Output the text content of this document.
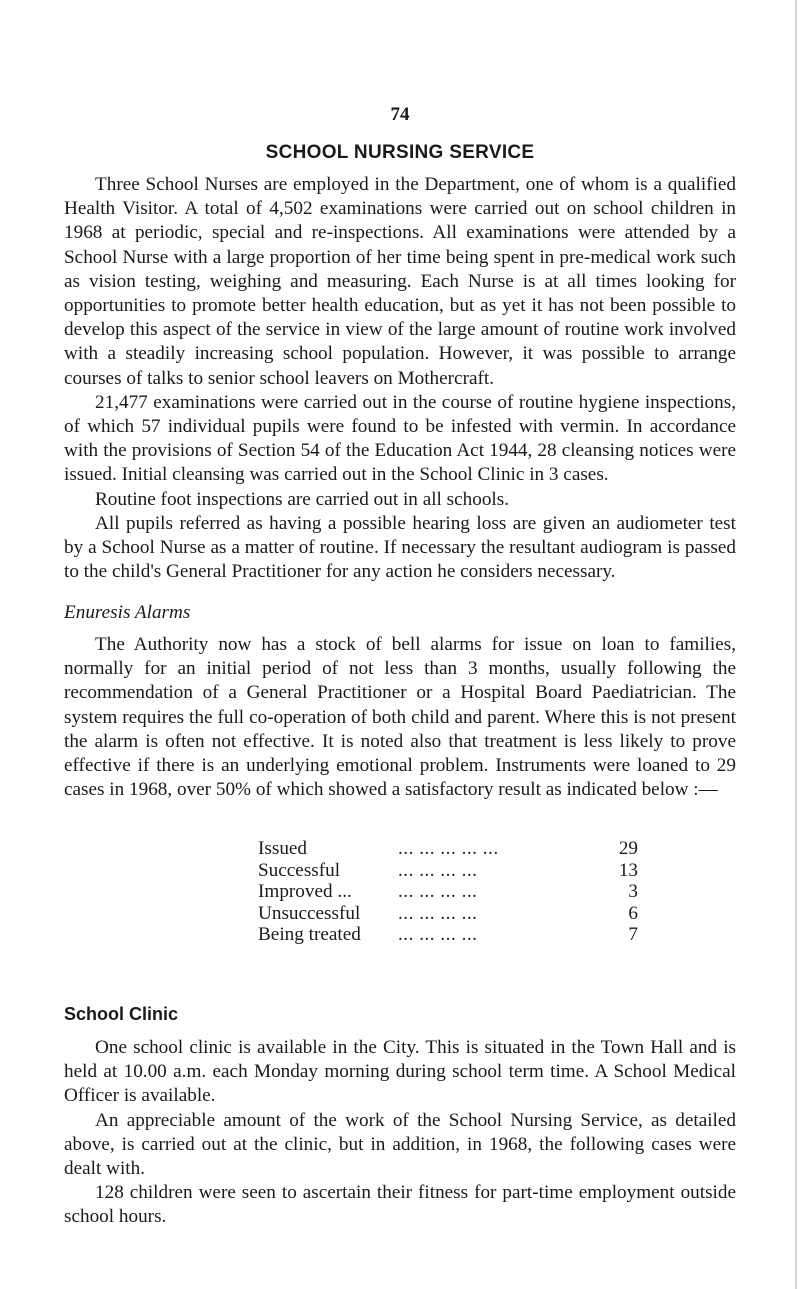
74
SCHOOL NURSING SERVICE

Three School Nurses are employed in the Department, one of whom is a qualified Health Visitor. A total of 4,502 examinations were carried out on school children in 1968 at periodic, special and re-inspections. All examinations were attended by a School Nurse with a large proportion of her time being spent in pre-medical work such as vision testing, weighing and measuring. Each Nurse is at all times looking for opportunities to promote better health education, but as yet it has not been possible to develop this aspect of the service in view of the large amount of routine work involved with a steadily increasing school population. However, it was possible to arrange courses of talks to senior school leavers on Mothercraft.

21,477 examinations were carried out in the course of routine hygiene inspections, of which 57 individual pupils were found to be infested with vermin. In accordance with the provisions of Section 54 of the Education Act 1944, 28 cleansing notices were issued. Initial cleansing was carried out in the School Clinic in 3 cases.

Routine foot inspections are carried out in all schools.

All pupils referred as having a possible hearing loss are given an audiometer test by a School Nurse as a matter of routine. If necessary the resultant audiogram is passed to the child's General Practitioner for any action he considers necessary.

Enuresis Alarms

The Authority now has a stock of bell alarms for issue on loan to families, normally for an initial period of not less than 3 months, usually following the recommendation of a General Practitioner or a Hospital Board Paediatrician. The system requires the full co-operation of both child and parent. Where this is not present the alarm is often not effective. It is noted also that treatment is less likely to prove effective if there is an underlying emotional problem. Instruments were loaned to 29 cases in 1968, over 50% of which showed a satisfactory result as indicated below :—

Issued	... ... ... ... ...	29
Successful	... ... ... ...	13
Improved ...	... ... ... ...	3
Unsuccessful	... ... ... ...	6
Being treated	... ... ... ...	7
School Clinic

One school clinic is available in the City. This is situated in the Town Hall and is held at 10.00 a.m. each Monday morning during school term time. A School Medical Officer is available.

An appreciable amount of the work of the School Nursing Service, as detailed above, is carried out at the clinic, but in addition, in 1968, the following cases were dealt with.

128 children were seen to ascertain their fitness for part-time employment outside school hours.
